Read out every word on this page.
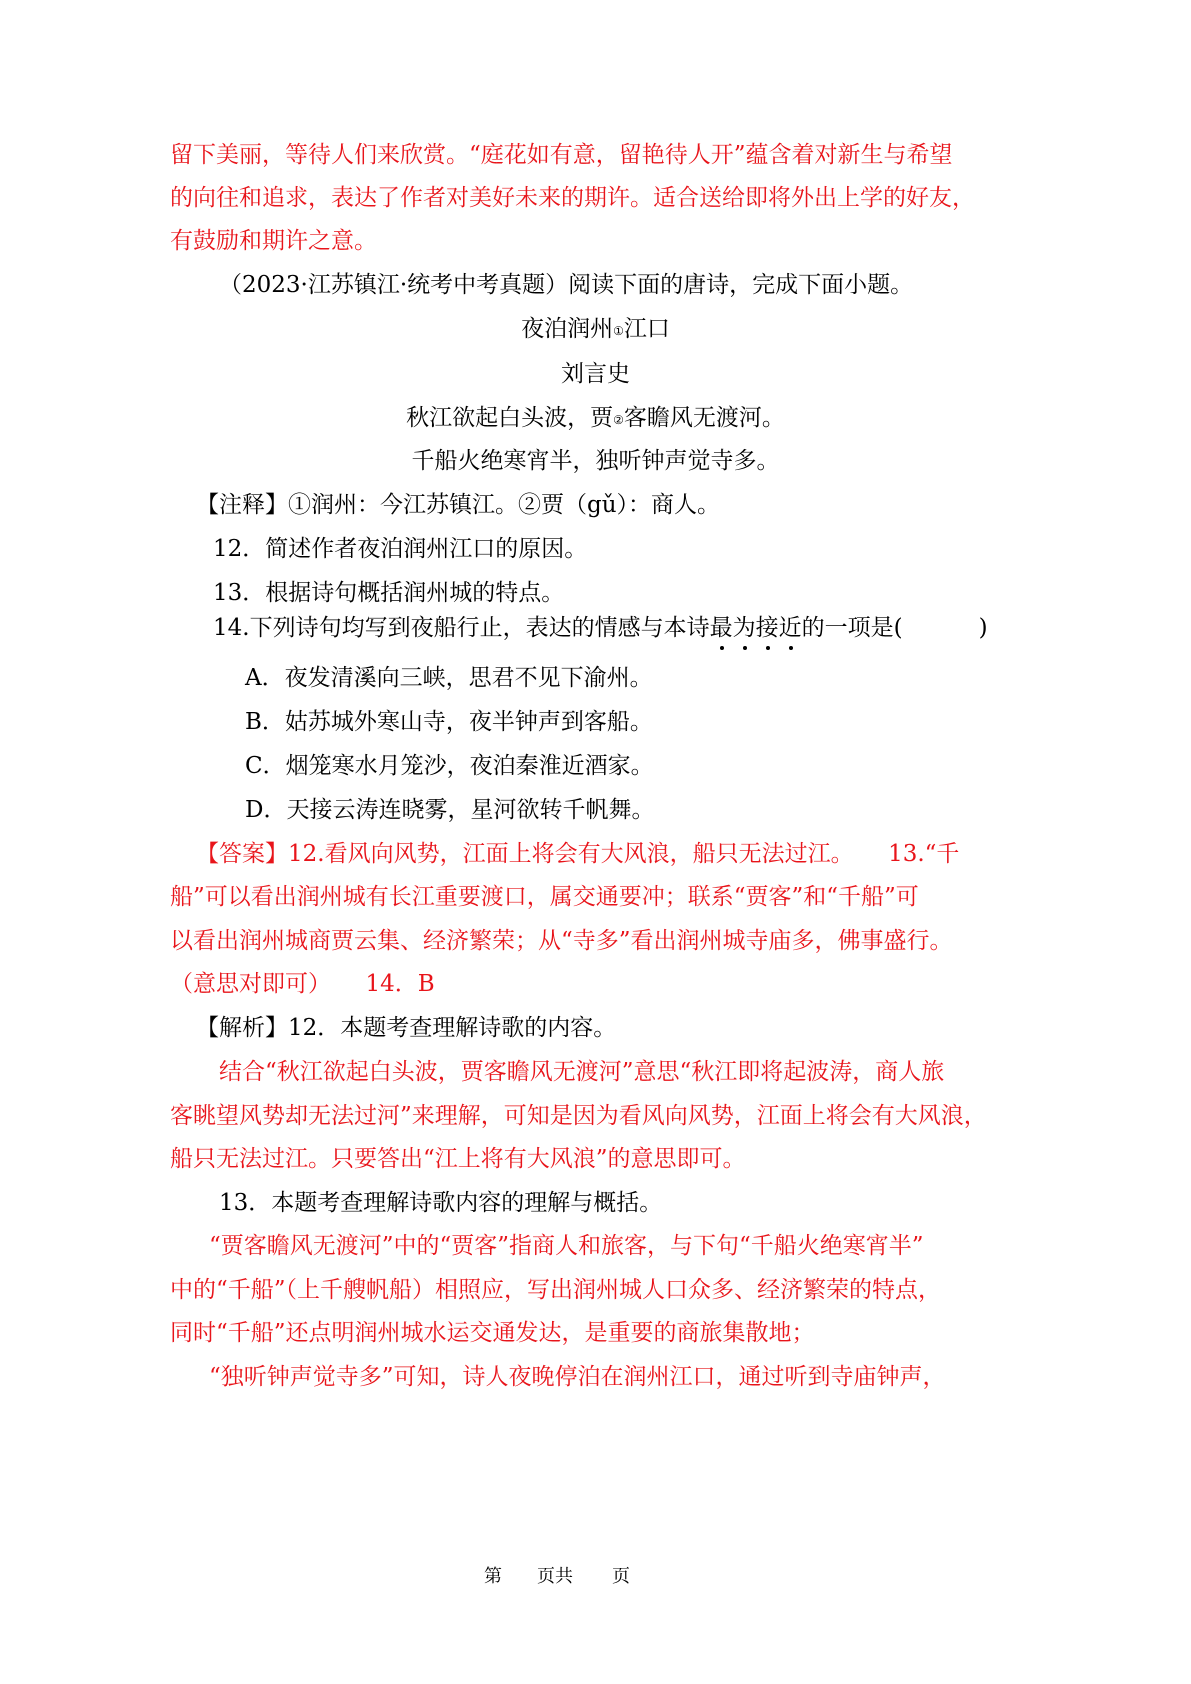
留下美丽，等待人们来欣赏。“庭花如有意，留艳待人开”蕴含着对新生与希望
的向往和追求，表达了作者对美好未来的期许。适合送给即将外出上学的好友，
有鼓励和期许之意。
（2023·江苏镇江·统考中考真题）阅读下面的唐诗，完成下面小题。
夜泊润州①江口
刘言史
秋江欲起白头波，贾②客瞻风无渡河。
千船火绝寒宵半，独听钟声觉寺多。
【注释】①润州：今江苏镇江。②贾（gǔ）：商人。
12．简述作者夜泊润州江口的原因。
13．根据诗句概括润州城的特点。
14.下列诗句均写到夜船行止，表达的情感与本诗最为接近
的一项是(	)
A．夜发清溪向三峡，思君不见下渝州。
B．姑苏城外寒山寺，夜半钟声到客船。
C．烟笼寒水月笼沙，夜泊秦淮近酒家。
D．天接云涛连晓雾，星河欲转千帆舞。
【答案】12.看风向风势，江面上将会有大风浪，船只无法过江。　　13.“千
船”可以看出润州城有长江重要渡口，属交通要冲；联系“贾客”和“千船”可
以看出润州城商贾云集、经济繁荣；从“寺多”看出润州城寺庙多，佛事盛行。
（意思对即可）　　14．B
【解析】12．本题考查理解诗歌的内容。
结合“秋江欲起白头波，贾客瞻风无渡河”意思“秋江即将起波涛，商人旅
客眺望风势却无法过河”来理解，可知是因为看风向风势，江面上将会有大风浪，
船只无法过江。只要答出“江上将有大风浪”的意思即可。
13．本题考查理解诗歌内容的理解与概括。
“贾客瞻风无渡河”中的“贾客”指商人和旅客，与下句“千船火绝寒宵半”
中的“千船”（上千艘帆船）相照应，写出润州城人口众多、经济繁荣的特点，
同时“千船”还点明润州城水运交通发达，是重要的商旅集散地；
“独听钟声觉寺多”可知，诗人夜晚停泊在润州江口，通过听到寺庙钟声，
第 页共 页
